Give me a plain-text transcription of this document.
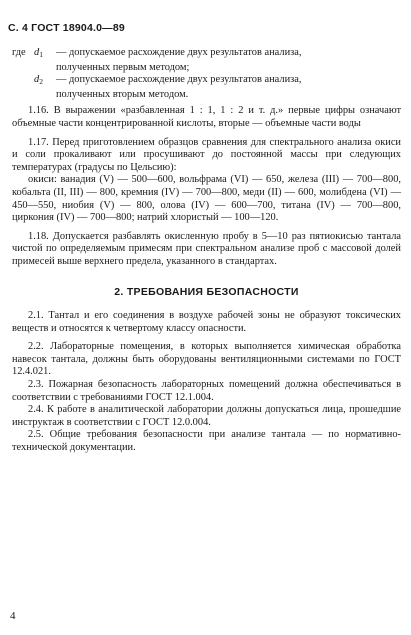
С. 4 ГОСТ 18904.0—89
где $d_1$	— допускаемое расхождение двух результатов анализа,
полученных первым методом;
$d_2$	— допускаемое расхождение двух результатов анализа,
полученных вторым методом.

1.16. В выражении «разбавленная 1 : 1, 1 : 2 и т. д.» первые цифры означают объемные части концентрированной кислоты, вторые — объемные части воды

1.17. Перед приготовлением образцов сравнения для спектрального анализа окиси и соли прокаливают или просушивают до постоянной массы при следующих температурах (градусы по Цельсию):

окиси: ванадия (V) — 500—600, вольфрама (VI) — 650, железа (III) — 700—800, кобальта (II, III) — 800, кремния (IV) — 700—800, меди (II) — 600, молибдена (VI) — 450—550, ниобия (V) — 800, олова (IV) — 600—700, титана (IV) — 700—800, циркония (IV) — 700—800; натрий хлористый — 100—120.

1.18. Допускается разбавлять окисленную пробу в 5—10 раз пятиокисью тантала чистой по определяемым примесям при спектральном анализе проб с массовой долей примесей выше верхнего предела, указанного в стандартах.

2. ТРЕБОВАНИЯ БЕЗОПАСНОСТИ

2.1. Тантал и его соединения в воздухе рабочей зоны не образуют токсических веществ и относятся к четвертому классу опасности.

2.2. Лабораторные помещения, в которых выполняется химическая обработка навесок тантала, должны быть оборудованы вентиляционными системами по ГОСТ 12.4.021.

2.3. Пожарная безопасность лабораторных помещений должна обеспечиваться в соответствии с требованиями ГОСТ 12.1.004.

2.4. К работе в аналитической лаборатории должны допускаться лица, прошедшие инструктаж в соответствии с ГОСТ 12.0.004.

2.5. Общие требования безопасности при анализе тантала — по нормативно-технической документации.

4
